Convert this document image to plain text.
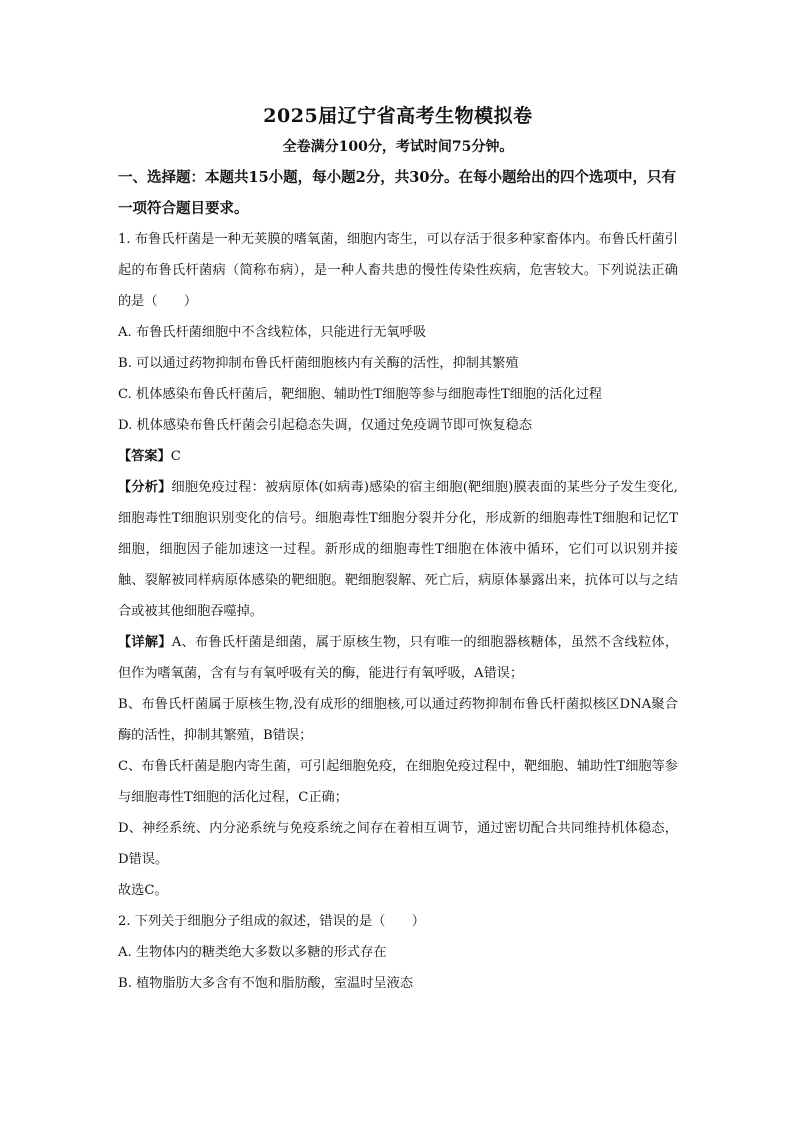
2025届辽宁省高考生物模拟卷

全卷满分100分，考试时间75分钟。

一、选择题：本题共15小题，每小题2分，共30分。在每小题给出的四个选项中，只有一项符合题目要求。

1. 布鲁氏杆菌是一种无荚膜的嗜氧菌，细胞内寄生，可以存活于很多种家畜体内。布鲁氏杆菌引起的布鲁氏杆菌病（简称布病），是一种人畜共患的慢性传染性疾病，危害较大。下列说法正确的是（　　）

A. 布鲁氏杆菌细胞中不含线粒体，只能进行无氧呼吸

B. 可以通过药物抑制布鲁氏杆菌细胞核内有关酶的活性，抑制其繁殖

C. 机体感染布鲁氏杆菌后，靶细胞、辅助性T细胞等参与细胞毒性T细胞的活化过程

D. 机体感染布鲁氏杆菌会引起稳态失调，仅通过免疫调节即可恢复稳态

【答案】C

【分析】细胞免疫过程：被病原体(如病毒)感染的宿主细胞(靶细胞)膜表面的某些分子发生变化,细胞毒性T细胞识别变化的信号。细胞毒性T细胞分裂并分化，形成新的细胞毒性T细胞和记忆T细胞，细胞因子能加速这一过程。新形成的细胞毒性T细胞在体液中循环，它们可以识别并接触、裂解被同样病原体感染的靶细胞。靶细胞裂解、死亡后，病原体暴露出来，抗体可以与之结合或被其他细胞吞噬掉。

【详解】A、布鲁氏杆菌是细菌，属于原核生物，只有唯一的细胞器核糖体，虽然不含线粒体，但作为嗜氧菌，含有与有氧呼吸有关的酶，能进行有氧呼吸，A错误；

B、布鲁氏杆菌属于原核生物,没有成形的细胞核,可以通过药物抑制布鲁氏杆菌拟核区DNA聚合酶的活性，抑制其繁殖，B错误；

C、布鲁氏杆菌是胞内寄生菌，可引起细胞免疫，在细胞免疫过程中，靶细胞、辅助性T细胞等参与细胞毒性T细胞的活化过程，C正确；

D、神经系统、内分泌系统与免疫系统之间存在着相互调节，通过密切配合共同维持机体稳态，D错误。

故选C。

2. 下列关于细胞分子组成的叙述，错误的是（　　）

A. 生物体内的糖类绝大多数以多糖的形式存在

B. 植物脂肪大多含有不饱和脂肪酸，室温时呈液态
